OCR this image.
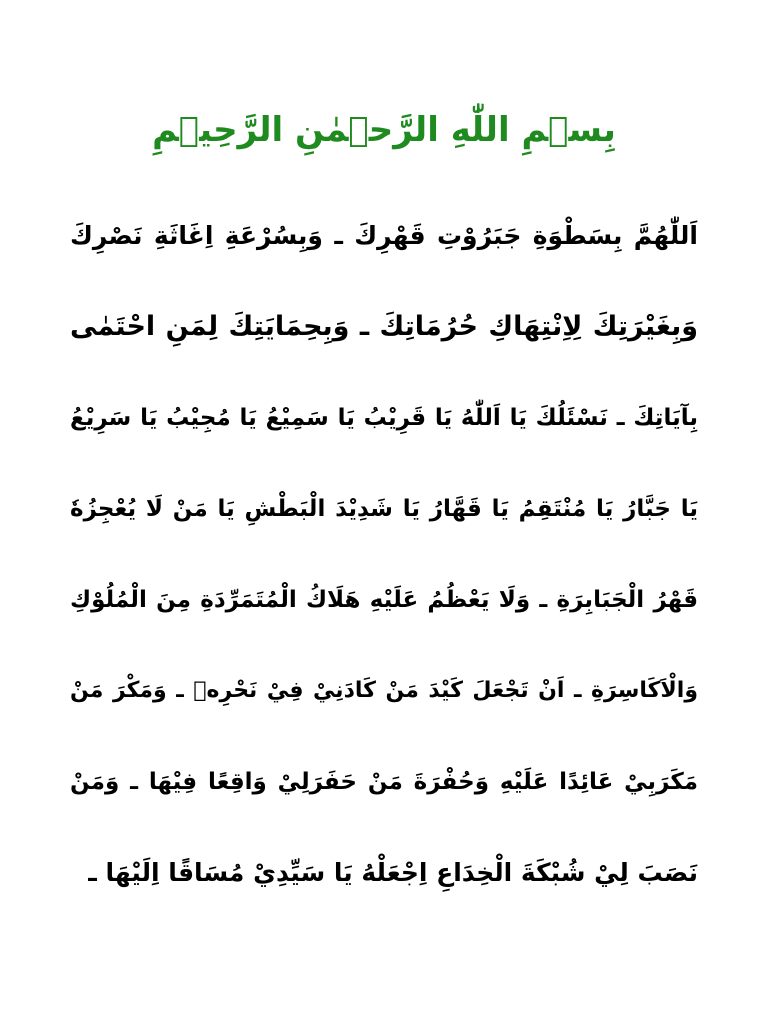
بِسۡمِ اللّٰهِ الرَّحۡمٰنِ الرَّحِيۡمِ
اَللّٰهُمَّ بِسَطْوَةِ جَبَرُوْتِ قَهْرِكَ ـ وَبِسُرْعَةِ اِغَاثَةِ نَصْرِكَ
وَبِغَيْرَتِكَ لِاِنْتِهَاكِ حُرُمَاتِكَ ـ وَبِحِمَايَتِكَ لِمَنِ احْتَمٰى
بِآيَاتِكَ ـ نَسْئَلُكَ يَا اَللّٰهُ يَا قَرِيْبُ يَا سَمِيْعُ يَا مُجِيْبُ يَا سَرِيْعُ
يَا جَبَّارُ يَا مُنْتَقِمُ يَا قَهَّارُ يَا شَدِيْدَ الْبَطْشِ يَا مَنْ لَا يُعْجِزُهٗ
قَهْرُ الْجَبَابِرَةِ ـ وَلَا يَعْظُمُ عَلَيْهِ هَلَاكُ الْمُتَمَرِّدَةِ مِنَ الْمُلُوْكِ
وَالْاَكَاسِرَةِ ـ اَنْ تَجْعَلَ كَيْدَ مَنْ كَادَنِيْ فِيْ نَحْرِهٖ ـ وَمَكْرَ مَنْ
مَكَرَبِيْ عَائِدًا عَلَيْهِ وَحُفْرَةَ مَنْ حَفَرَلِيْ وَاقِعًا فِيْهَا ـ وَمَنْ
نَصَبَ لِيْ شُبْكَةَ الْخِدَاعِ اِجْعَلْهُ يَا سَيِّدِيْ مُسَاقًا اِلَيْهَا ـ
